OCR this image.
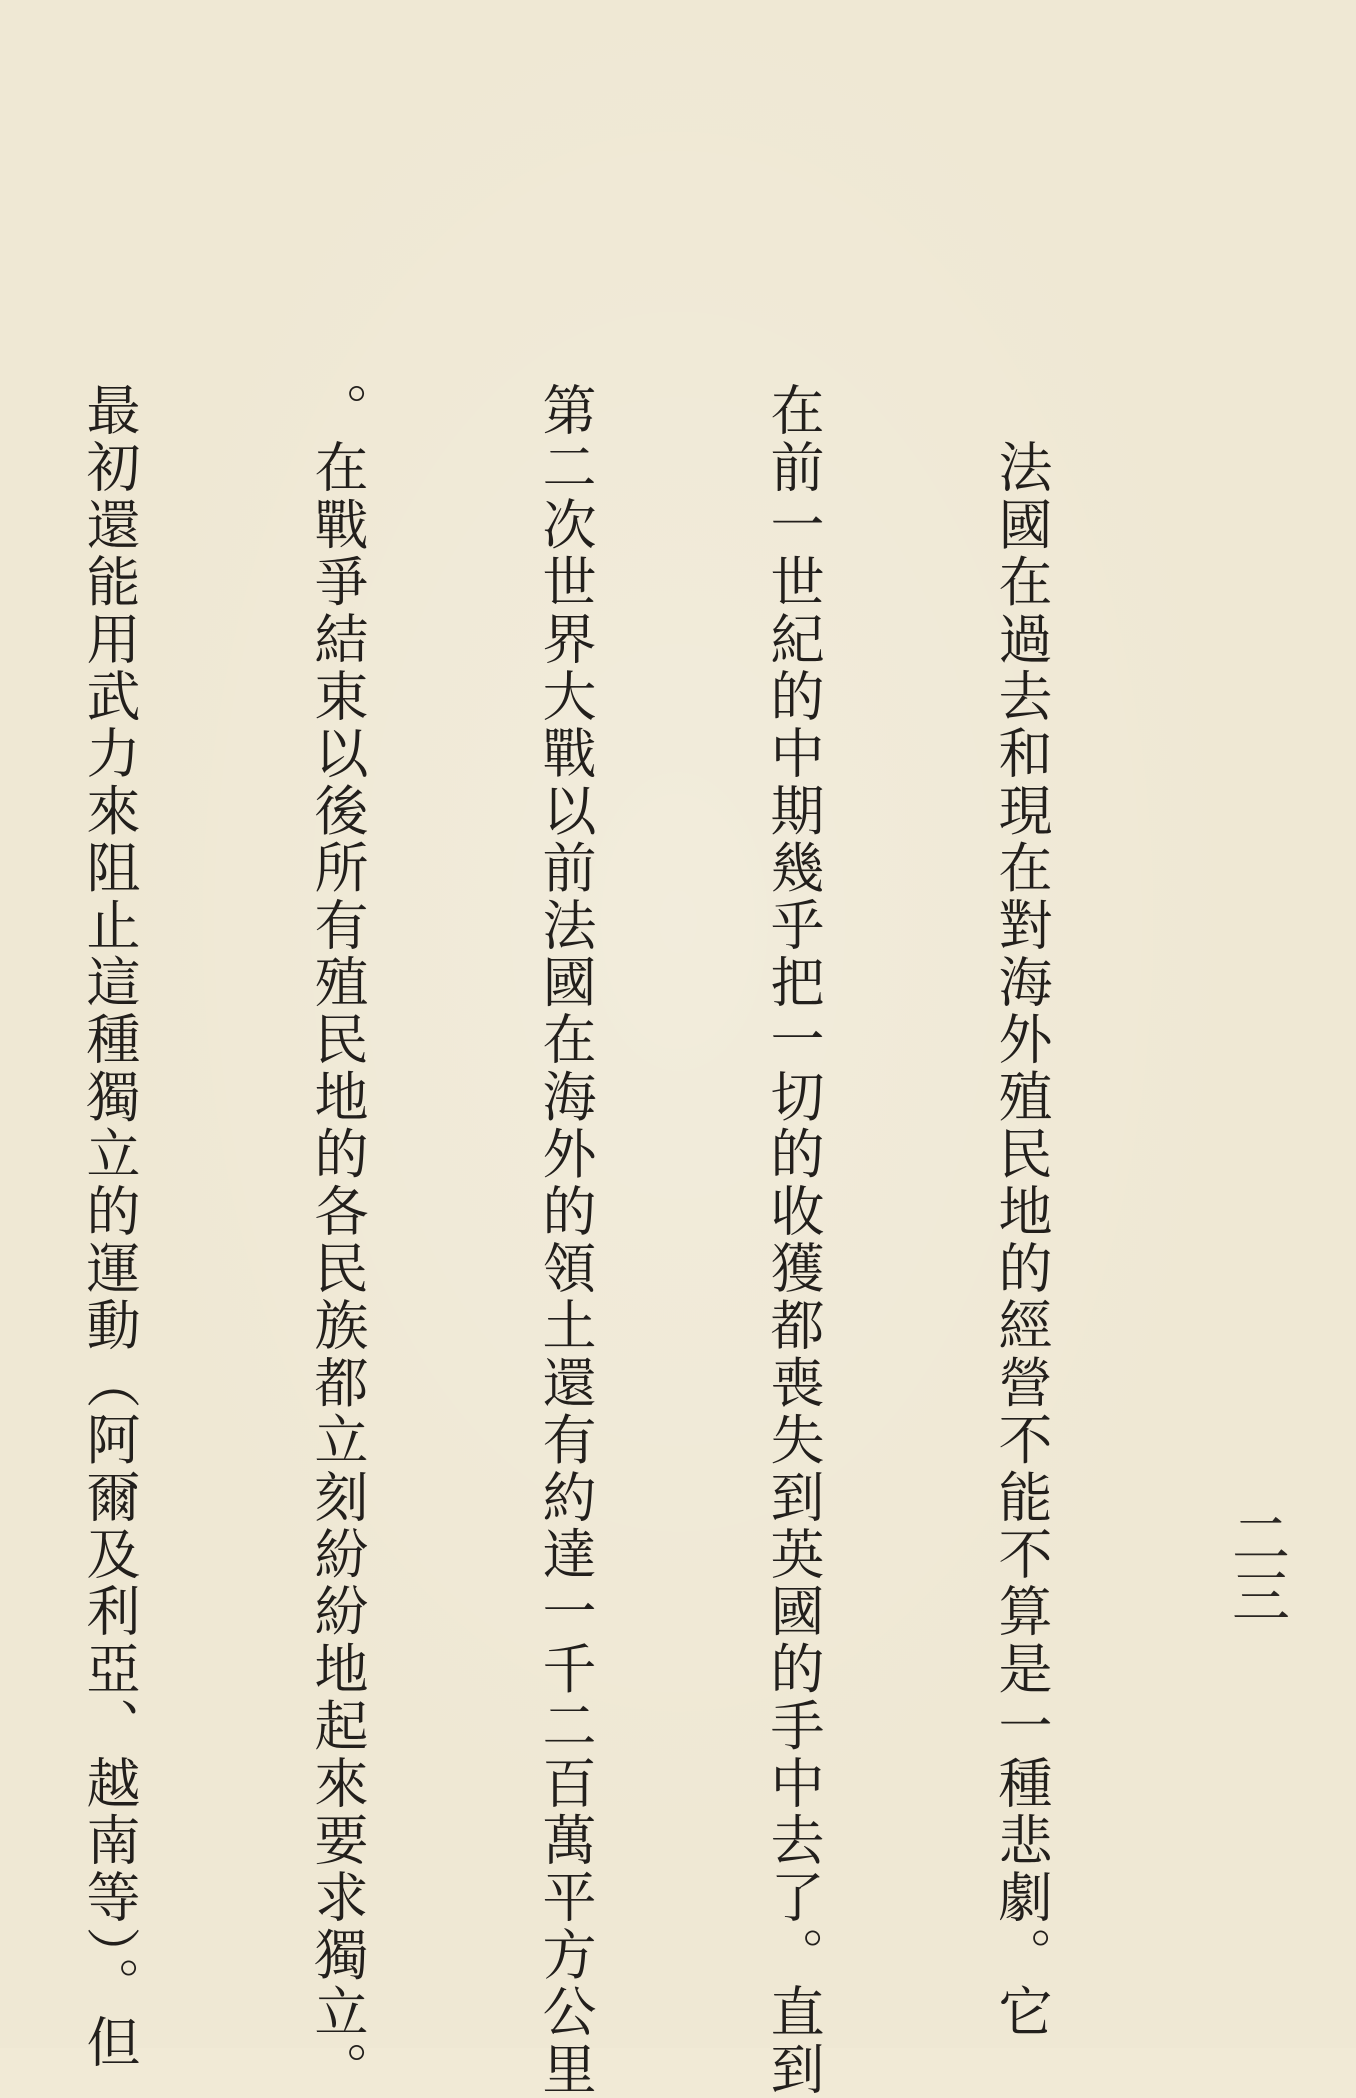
二三

　法國在過去和現在對海外殖民地的經營不能不算是一種悲劇。它

在前一世紀的中期幾乎把一切的收獲都喪失到英國的手中去了。直到

第二次世界大戰以前法國在海外的領土還有約達一千二百萬平方公里

。在戰爭結束以後所有殖民地的各民族都立刻紛紛地起來要求獨立。

最初還能用武力來阻止這種獨立的運動（阿爾及利亞、越南等）。但
